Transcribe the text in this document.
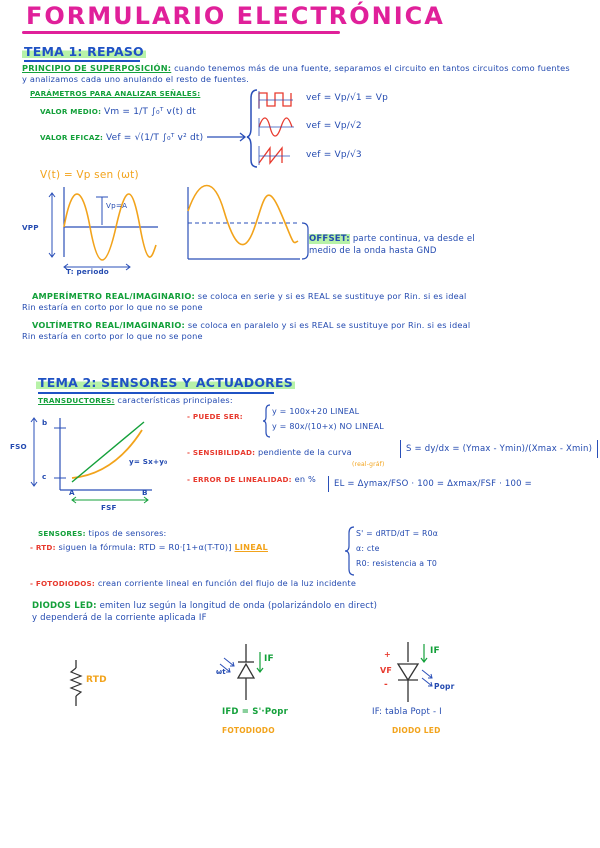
FORMULARIO ELECTRÓNICA
TEMA 1: REPASO
PRINCIPIO DE SUPERPOSICIÓN: cuando tenemos más de una fuente, separamos el circuito en tantos circuitos como fuentes
y analizamos cada uno anulando el resto de fuentes.
PARÁMETROS PARA ANALIZAR SEÑALES:
VALOR MEDIO: Vm = 1/T ∫₀ᵀ v(t) dt
VALOR EFICAZ: Vef = √(1/T ∫₀ᵀ v² dt)
vef = Vp/√1 = Vp
vef = Vp/√2
vef = Vp/√3
V(t) = Vp sen (ωt)
VPP
Vp=A
T: periodo
OFFSET: parte continua, va desde el
medio de la onda hasta GND
AMPERÍMETRO REAL/IMAGINARIO: se coloca en serie y si es REAL se sustituye por Rin. si es ideal
Rin estaría en corto por lo que no se pone
VOLTÍMETRO REAL/IMAGINARIO: se coloca en paralelo y si es REAL se sustituye por Rin. si es ideal
Rin estaría en corto por lo que no se pone
TEMA 2: SENSORES Y ACTUADORES
TRANSDUCTORES: características principales:
FSO
b
c
A	B
y= Sx+y₀
FSF
- PUEDE SER:
y = 100x+20 LINEAL
y = 80x/(10+x) NO LINEAL
- SENSIBILIDAD: pendiente de la curva	S = dy/dx = (Ymax - Ymin)/(Xmax - Xmin)
- ERROR DE LINEALIDAD: en %
(real-gráf)
EL = Δymax/FSO · 100 = Δxmax/FSF · 100 =
SENSORES: tipos de sensores:
- RTD: siguen la fórmula: RTD = R0·[1+α(T-T0)] LINEAL
S' = dRTD/dT = R0α
α: cte
R0: resistencia a T0
- FOTODIODOS: crean corriente lineal en función del flujo de la luz incidente
DIODOS LED: emiten luz según la longitud de onda (polarizándolo en direct)
y dependerá de la corriente aplicada IF
RTD
ωt
IF
IFD = S'·Popr
FOTODIODO
+
VF
-
IF
Popr
IF: tabla Popt - I
DIODO LED
